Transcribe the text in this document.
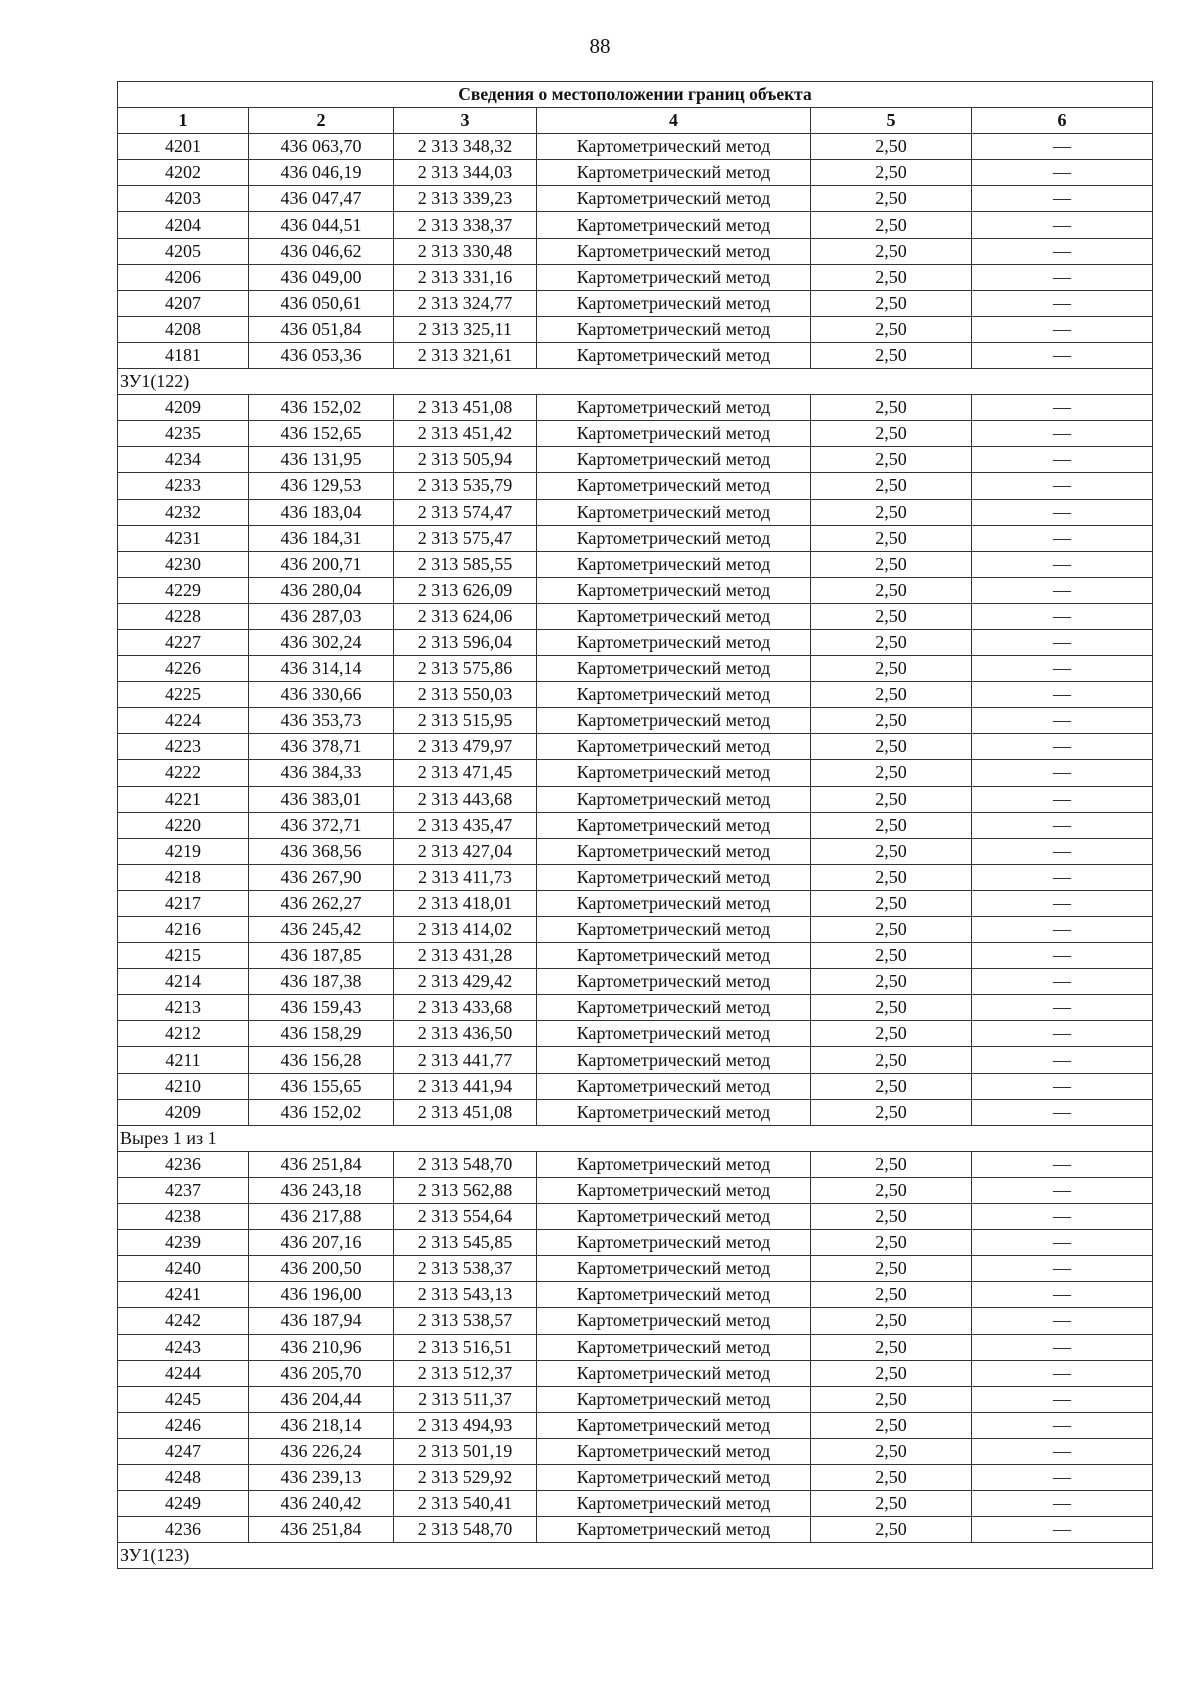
88
Сведения о местоположении границ объекта					
1	2	3	4	5	6
4201	436 063,70	2 313 348,32	Картометрический метод	2,50	—
4202	436 046,19	2 313 344,03	Картометрический метод	2,50	—
4203	436 047,47	2 313 339,23	Картометрический метод	2,50	—
4204	436 044,51	2 313 338,37	Картометрический метод	2,50	—
4205	436 046,62	2 313 330,48	Картометрический метод	2,50	—
4206	436 049,00	2 313 331,16	Картометрический метод	2,50	—
4207	436 050,61	2 313 324,77	Картометрический метод	2,50	—
4208	436 051,84	2 313 325,11	Картометрический метод	2,50	—
4181	436 053,36	2 313 321,61	Картометрический метод	2,50	—
ЗУ1(122)					
4209	436 152,02	2 313 451,08	Картометрический метод	2,50	—
4235	436 152,65	2 313 451,42	Картометрический метод	2,50	—
4234	436 131,95	2 313 505,94	Картометрический метод	2,50	—
4233	436 129,53	2 313 535,79	Картометрический метод	2,50	—
4232	436 183,04	2 313 574,47	Картометрический метод	2,50	—
4231	436 184,31	2 313 575,47	Картометрический метод	2,50	—
4230	436 200,71	2 313 585,55	Картометрический метод	2,50	—
4229	436 280,04	2 313 626,09	Картометрический метод	2,50	—
4228	436 287,03	2 313 624,06	Картометрический метод	2,50	—
4227	436 302,24	2 313 596,04	Картометрический метод	2,50	—
4226	436 314,14	2 313 575,86	Картометрический метод	2,50	—
4225	436 330,66	2 313 550,03	Картометрический метод	2,50	—
4224	436 353,73	2 313 515,95	Картометрический метод	2,50	—
4223	436 378,71	2 313 479,97	Картометрический метод	2,50	—
4222	436 384,33	2 313 471,45	Картометрический метод	2,50	—
4221	436 383,01	2 313 443,68	Картометрический метод	2,50	—
4220	436 372,71	2 313 435,47	Картометрический метод	2,50	—
4219	436 368,56	2 313 427,04	Картометрический метод	2,50	—
4218	436 267,90	2 313 411,73	Картометрический метод	2,50	—
4217	436 262,27	2 313 418,01	Картометрический метод	2,50	—
4216	436 245,42	2 313 414,02	Картометрический метод	2,50	—
4215	436 187,85	2 313 431,28	Картометрический метод	2,50	—
4214	436 187,38	2 313 429,42	Картометрический метод	2,50	—
4213	436 159,43	2 313 433,68	Картометрический метод	2,50	—
4212	436 158,29	2 313 436,50	Картометрический метод	2,50	—
4211	436 156,28	2 313 441,77	Картометрический метод	2,50	—
4210	436 155,65	2 313 441,94	Картометрический метод	2,50	—
4209	436 152,02	2 313 451,08	Картометрический метод	2,50	—
Вырез 1 из 1					
4236	436 251,84	2 313 548,70	Картометрический метод	2,50	—
4237	436 243,18	2 313 562,88	Картометрический метод	2,50	—
4238	436 217,88	2 313 554,64	Картометрический метод	2,50	—
4239	436 207,16	2 313 545,85	Картометрический метод	2,50	—
4240	436 200,50	2 313 538,37	Картометрический метод	2,50	—
4241	436 196,00	2 313 543,13	Картометрический метод	2,50	—
4242	436 187,94	2 313 538,57	Картометрический метод	2,50	—
4243	436 210,96	2 313 516,51	Картометрический метод	2,50	—
4244	436 205,70	2 313 512,37	Картометрический метод	2,50	—
4245	436 204,44	2 313 511,37	Картометрический метод	2,50	—
4246	436 218,14	2 313 494,93	Картометрический метод	2,50	—
4247	436 226,24	2 313 501,19	Картометрический метод	2,50	—
4248	436 239,13	2 313 529,92	Картометрический метод	2,50	—
4249	436 240,42	2 313 540,41	Картометрический метод	2,50	—
4236	436 251,84	2 313 548,70	Картометрический метод	2,50	—
ЗУ1(123)					
